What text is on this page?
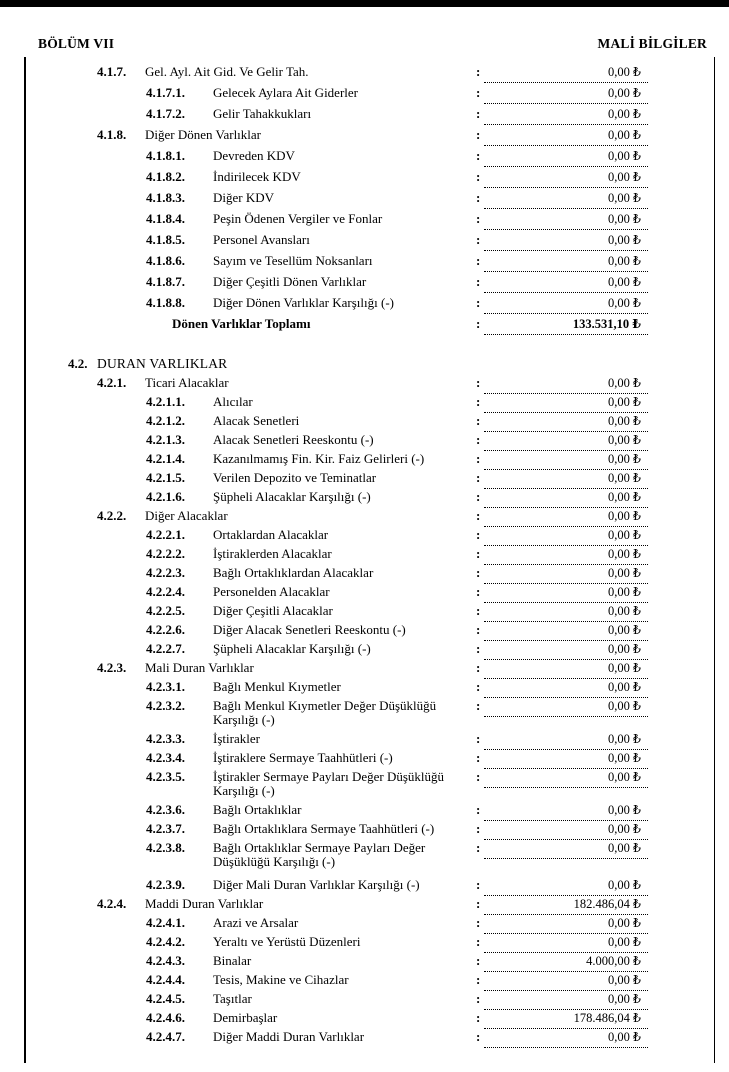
BÖLÜM VII	MALİ BİLGİLER
4.1.7.	Gel. Ayl. Ait Gid. Ve Gelir Tah.	:	0,00 ₺
4.1.7.1.	Gelecek Aylara Ait Giderler	:	0,00 ₺
4.1.7.2.	Gelir Tahakkukları	:	0,00 ₺
4.1.8.	Diğer Dönen Varlıklar	:	0,00 ₺
4.1.8.1.	Devreden KDV	:	0,00 ₺
4.1.8.2.	İndirilecek KDV	:	0,00 ₺
4.1.8.3.	Diğer KDV	:	0,00 ₺
4.1.8.4.	Peşin Ödenen Vergiler ve Fonlar	:	0,00 ₺
4.1.8.5.	Personel Avansları	:	0,00 ₺
4.1.8.6.	Sayım ve Tesellüm Noksanları	:	0,00 ₺
4.1.8.7.	Diğer Çeşitli Dönen Varlıklar	:	0,00 ₺
4.1.8.8.	Diğer Dönen Varlıklar Karşılığı (-)	:	0,00 ₺
Dönen Varlıklar Toplamı	:	133.531,10 ₺
4.2. DURAN VARLIKLAR
4.2.1.	Ticari Alacaklar	:	0,00 ₺
4.2.1.1.	Alıcılar	:	0,00 ₺
4.2.1.2.	Alacak Senetleri	:	0,00 ₺
4.2.1.3.	Alacak Senetleri Reeskontu (-)	:	0,00 ₺
4.2.1.4.	Kazanılmamış Fin. Kir. Faiz Gelirleri (-)	:	0,00 ₺
4.2.1.5.	Verilen Depozito ve Teminatlar	:	0,00 ₺
4.2.1.6.	Şüpheli Alacaklar Karşılığı (-)	:	0,00 ₺
4.2.2.	Diğer Alacaklar	:	0,00 ₺
4.2.2.1.	Ortaklardan Alacaklar	:	0,00 ₺
4.2.2.2.	İştiraklerden Alacaklar	:	0,00 ₺
4.2.2.3.	Bağlı Ortaklıklardan Alacaklar	:	0,00 ₺
4.2.2.4.	Personelden Alacaklar	:	0,00 ₺
4.2.2.5.	Diğer Çeşitli Alacaklar	:	0,00 ₺
4.2.2.6.	Diğer Alacak Senetleri Reeskontu (-)	:	0,00 ₺
4.2.2.7.	Şüpheli Alacaklar Karşılığı (-)	:	0,00 ₺
4.2.3.	Mali Duran Varlıklar	:	0,00 ₺
4.2.3.1.	Bağlı Menkul Kıymetler	:	0,00 ₺
4.2.3.2.	Bağlı Menkul Kıymetler Değer Düşüklüğü Karşılığı (-)
:	0,00 ₺
4.2.3.3.	İştirakler	:	0,00 ₺
4.2.3.4.	İştiraklere Sermaye Taahhütleri (-)	:	0,00 ₺
4.2.3.5.	İştirakler Sermaye Payları Değer Düşüklüğü Karşılığı (-)
:	0,00 ₺
4.2.3.6.	Bağlı Ortaklıklar	:	0,00 ₺
4.2.3.7.	Bağlı Ortaklıklara Sermaye Taahhütleri (-)	:	0,00 ₺
4.2.3.8.	Bağlı Ortaklıklar Sermaye Payları Değer Düşüklüğü Karşılığı (-)
:	0,00 ₺
4.2.3.9.	Diğer Mali Duran Varlıklar Karşılığı (-)	:	0,00 ₺
4.2.4.	Maddi Duran Varlıklar	:	182.486,04 ₺
4.2.4.1.	Arazi ve Arsalar	:	0,00 ₺
4.2.4.2.	Yeraltı ve Yerüstü Düzenleri	:	0,00 ₺
4.2.4.3.	Binalar	:	4.000,00 ₺
4.2.4.4.	Tesis, Makine ve Cihazlar	:	0,00 ₺
4.2.4.5.	Taşıtlar	:	0,00 ₺
4.2.4.6.	Demirbaşlar	:	178.486,04 ₺
4.2.4.7.	Diğer Maddi Duran Varlıklar	:	0,00 ₺
